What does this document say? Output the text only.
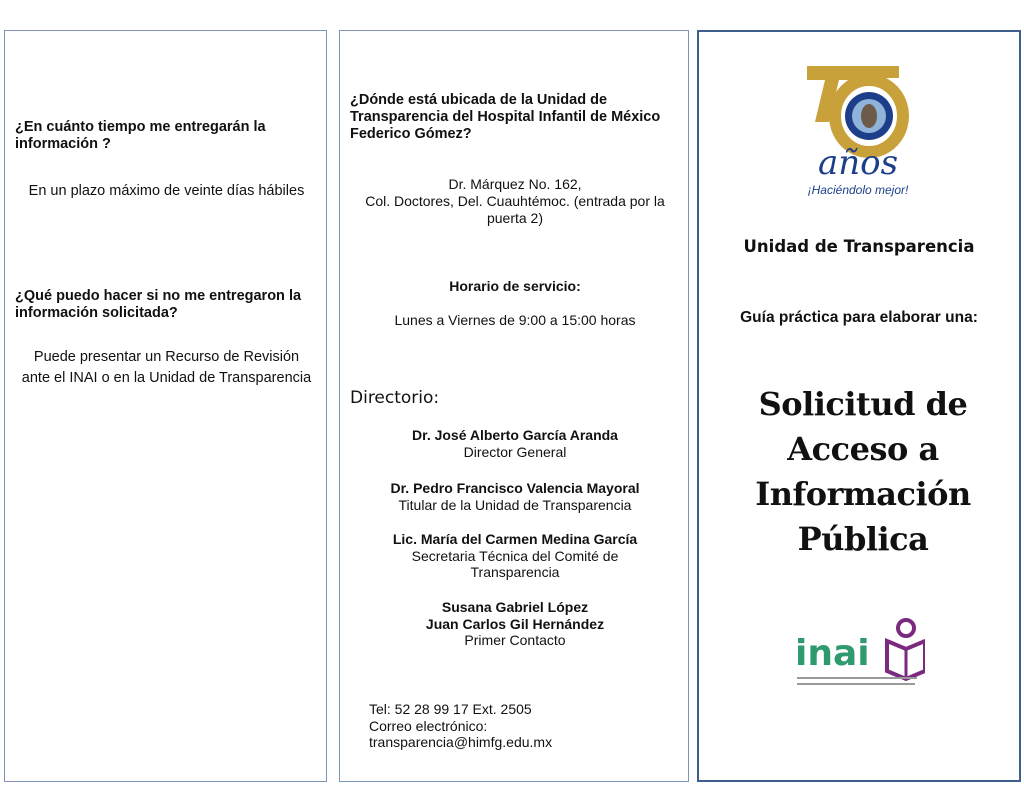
¿En cuánto tiempo me entregarán la información ?
En un plazo máximo de veinte días hábiles
¿Qué puedo hacer si no me entregaron la información solicitada?
Puede presentar un Recurso de Revisión ante el INAI o en la Unidad de Transparencia
¿Dónde está ubicada de la Unidad de Transparencia del Hospital Infantil de México Federico Gómez?
Dr. Márquez No. 162,
Col. Doctores, Del. Cuauhtémoc. (entrada por la puerta 2)
Horario de servicio:
Lunes a Viernes de 9:00 a 15:00 horas
Directorio:
Dr. José Alberto García Aranda
Director General
Dr. Pedro Francisco Valencia Mayoral
Titular de la Unidad de Transparencia
Lic. María del Carmen Medina García
Secretaria Técnica del Comité de Transparencia
Susana Gabriel López
Juan Carlos Gil Hernández
Primer Contacto
Tel: 52 28 99 17 Ext. 2505
Correo electrónico:
transparencia@himfg.edu.mx
años
¡Haciéndolo mejor!
Unidad de Transparencia
Guía práctica para elaborar una:
Solicitud de
Acceso a
Información
Pública
inai
